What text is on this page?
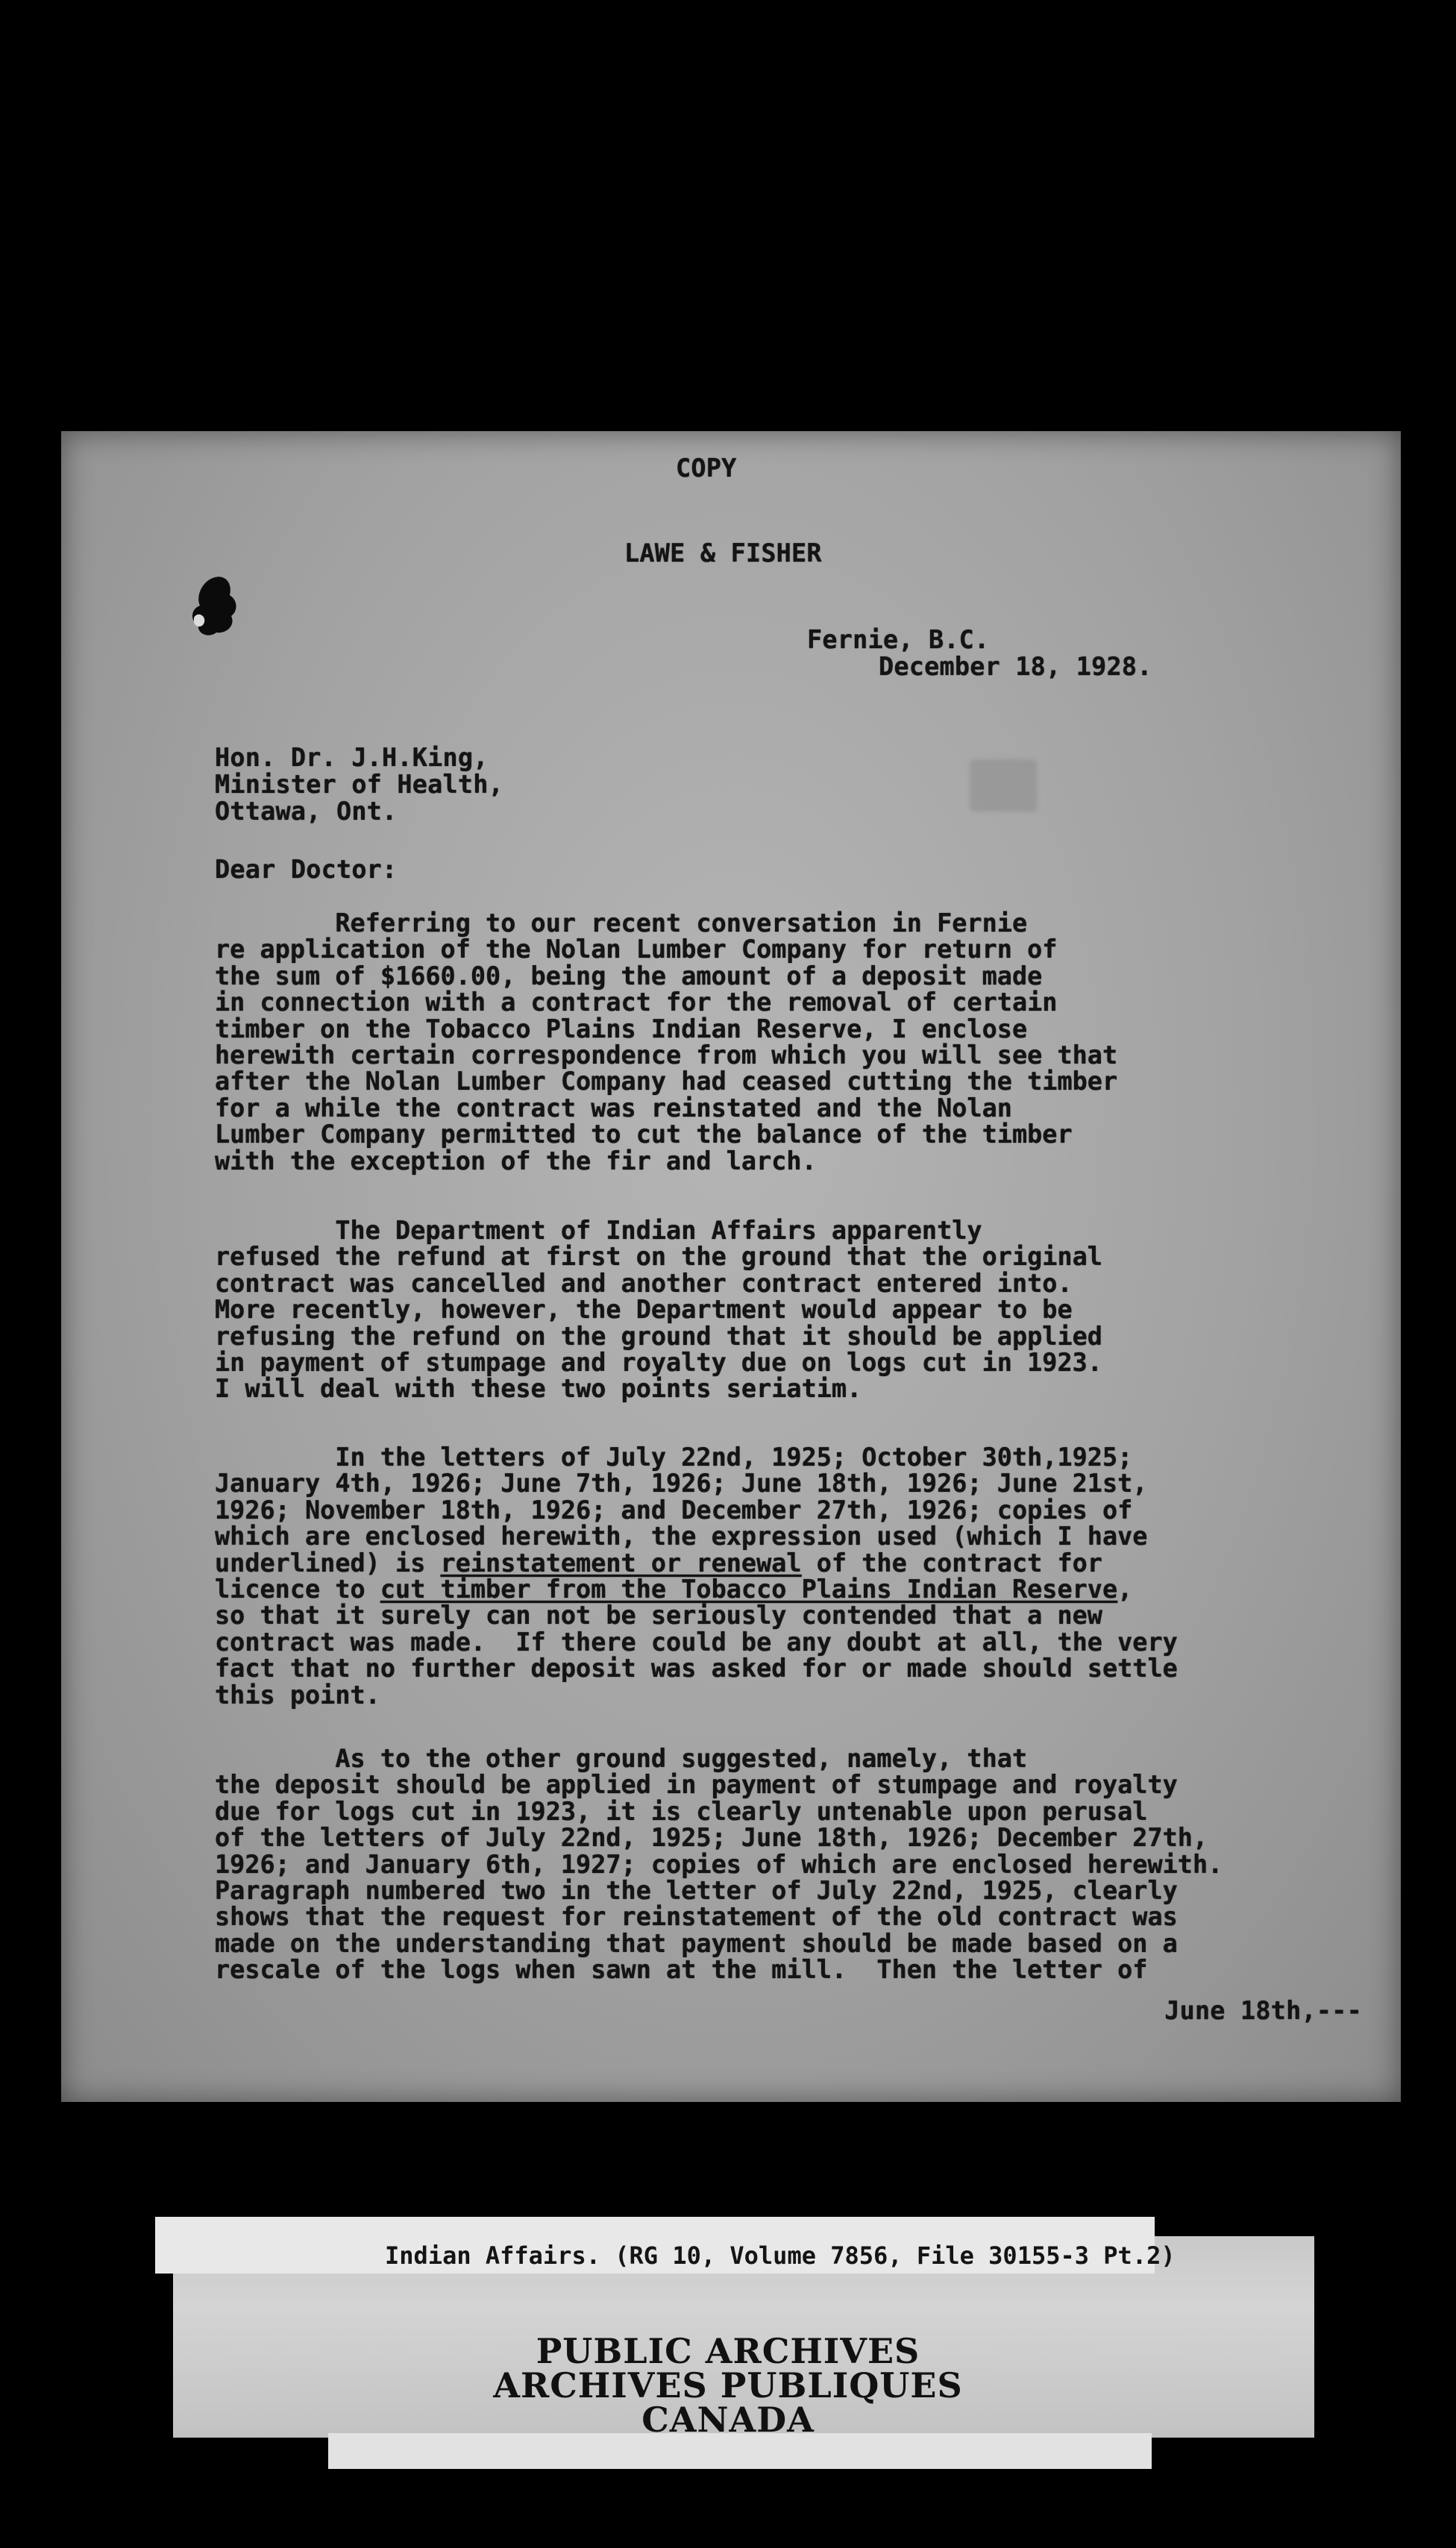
COPY

LAWE & FISHER

Fernie, B.C.

December 18, 1928.

Hon. Dr. J.H.King,

Minister of Health,

Ottawa, Ont.

Dear Doctor:

Referring to our recent conversation in Fernie
re application of the Nolan Lumber Company for return of
the sum of $1660.00, being the amount of a deposit made
in connection with a contract for the removal of certain
timber on the Tobacco Plains Indian Reserve, I enclose
herewith certain correspondence from which you will see that
after the Nolan Lumber Company had ceased cutting the timber
for a while the contract was reinstated and the Nolan
Lumber Company permitted to cut the balance of the timber
with the exception of the fir and larch.
The Department of Indian Affairs apparently
refused the refund at first on the ground that the original
contract was cancelled and another contract entered into.
More recently, however, the Department would appear to be
refusing the refund on the ground that it should be applied
in payment of stumpage and royalty due on logs cut in 1923.
I will deal with these two points seriatim.
In the letters of July 22nd, 1925; October 30th,1925;
January 4th, 1926; June 7th, 1926; June 18th, 1926; June 21st,
1926; November 18th, 1926; and December 27th, 1926; copies of
which are enclosed herewith, the expression used (which I have
underlined) is reinstatement or renewal of the contract for
licence to cut timber from the Tobacco Plains Indian Reserve,
so that it surely can not be seriously contended that a new
contract was made.  If there could be any doubt at all, the very
fact that no further deposit was asked for or made should settle
this point.
As to the other ground suggested, namely, that
the deposit should be applied in payment of stumpage and royalty
due for logs cut in 1923, it is clearly untenable upon perusal
of the letters of July 22nd, 1925; June 18th, 1926; December 27th,
1926; and January 6th, 1927; copies of which are enclosed herewith.
Paragraph numbered two in the letter of July 22nd, 1925, clearly
shows that the request for reinstatement of the old contract was
made on the understanding that payment should be made based on a
rescale of the logs when sawn at the mill.  Then the letter of

June 18th,---

Indian Affairs. (RG 10, Volume 7856, File 30155-3 Pt.2)
PUBLIC ARCHIVES
ARCHIVES PUBLIQUES
CANADA
